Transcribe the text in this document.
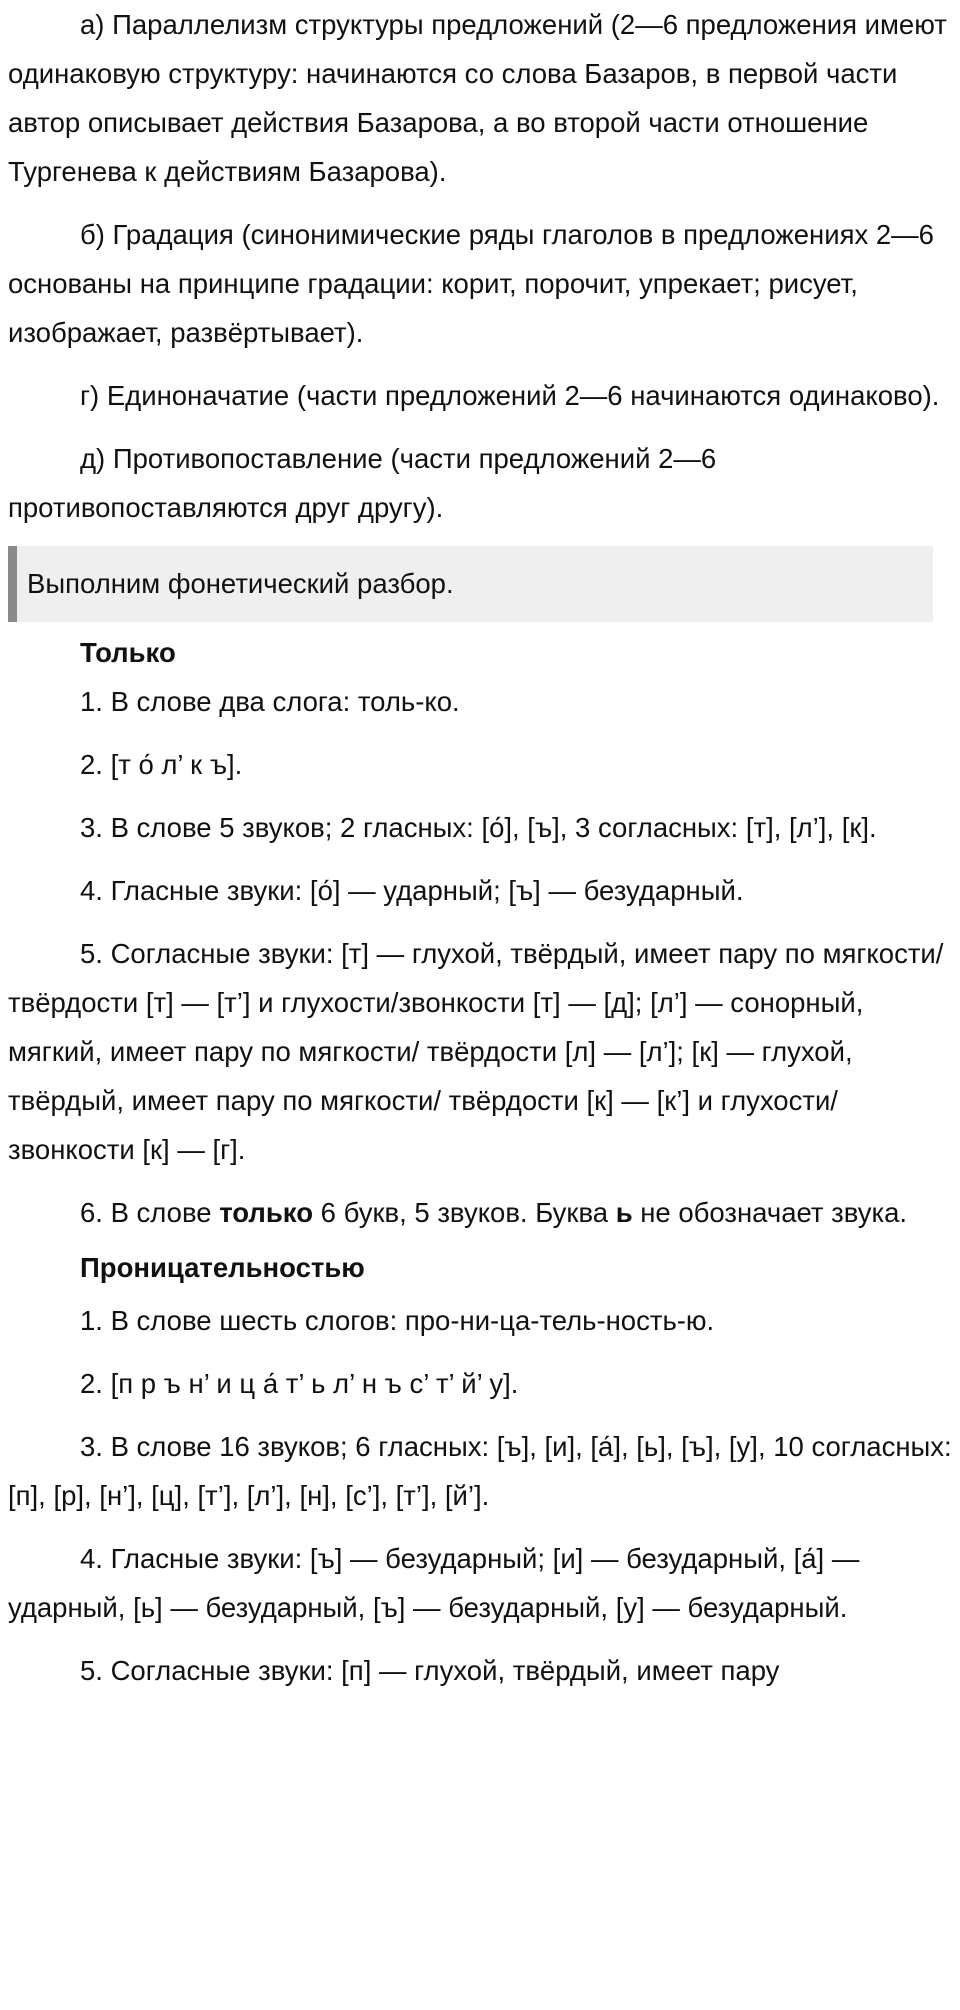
а) Параллелизм структуры предложений (2—6 предложения имеют одинаковую структуру: начинаются со слова Базаров, в первой части автор описывает действия Базарова, а во второй части отношение Тургенева к действиям Базарова).

б) Градация (синонимические ряды глаголов в предложениях 2—6 основаны на принципе градации: корит, порочит, упрекает; рисует, изображает, развёртывает).

г) Единоначатие (части предложений 2—6 начинаются одинаково).

д) Противопоставление (части предложений 2—6 противопоставляются друг другу).

Выполним фонетический разбор.
Только

1. В слове два слога: толь-ко.

2. [т о́ л’ к ъ].

3. В слове 5 звуков; 2 гласных: [о́], [ъ], 3 согласных: [т], [л’], [к].

4. Гласные звуки: [о́] — ударный; [ъ] — безударный.

5. Согласные звуки: [т] — глухой, твёрдый, имеет пару по мягкости/ твёрдости [т] — [т’] и глухости/звонкости [т] — [д]; [л’] — сонорный, мягкий, имеет пару по мягкости/ твёрдости [л] — [л’]; [к] — глухой, твёрдый, имеет пару по мягкости/ твёрдости [к] — [к’] и глухости/звонкости [к] — [г].

6. В слове только 6 букв, 5 звуков. Буква ь не обозначает звука.

Проницательностью

1. В слове шесть слогов: про-ни-ца-тель-ность-ю.

2. [п р ъ н’ и ц а́ т’ ь л’ н ъ с’ т’ й’ у].

3. В слове 16 звуков; 6 гласных: [ъ], [и], [а́], [ь], [ъ], [у], 10 согласных: [п], [р], [н’], [ц], [т’], [л’], [н], [с’], [т’], [й’].

4. Гласные звуки: [ъ] — безударный; [и] — безударный, [а́] — ударный, [ь] — безударный, [ъ] — безударный, [у] — безударный.

5. Согласные звуки: [п] — глухой, твёрдый, имеет пару
